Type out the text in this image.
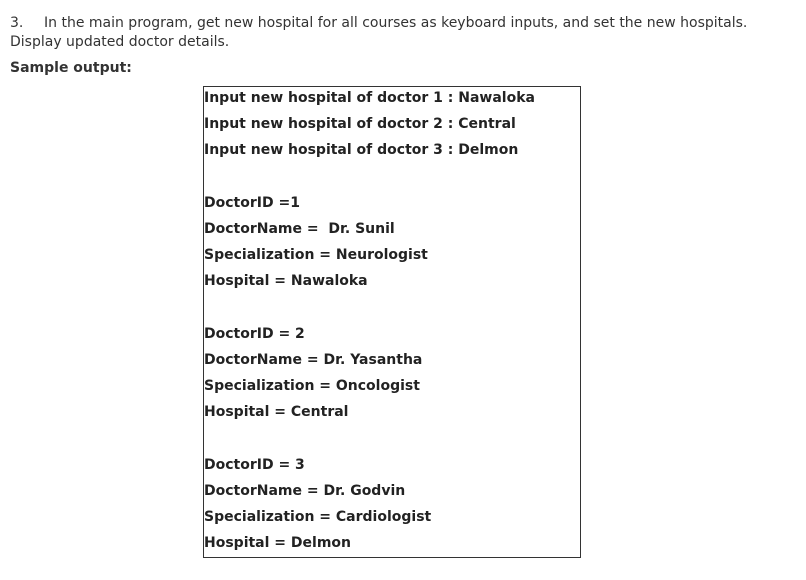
3. In the main program, get new hospital for all courses as keyboard inputs, and set the new hospitals. Display updated doctor details.
Sample output:
Input new hospital of doctor 1 : Nawaloka
Input new hospital of doctor 2 : Central
Input new hospital of doctor 3 : Delmon
DoctorID =1
DoctorName =  Dr. Sunil
Specialization = Neurologist
Hospital = Nawaloka
DoctorID = 2
DoctorName = Dr. Yasantha
Specialization = Oncologist
Hospital = Central
DoctorID = 3
DoctorName = Dr. Godvin
Specialization = Cardiologist
Hospital = Delmon
